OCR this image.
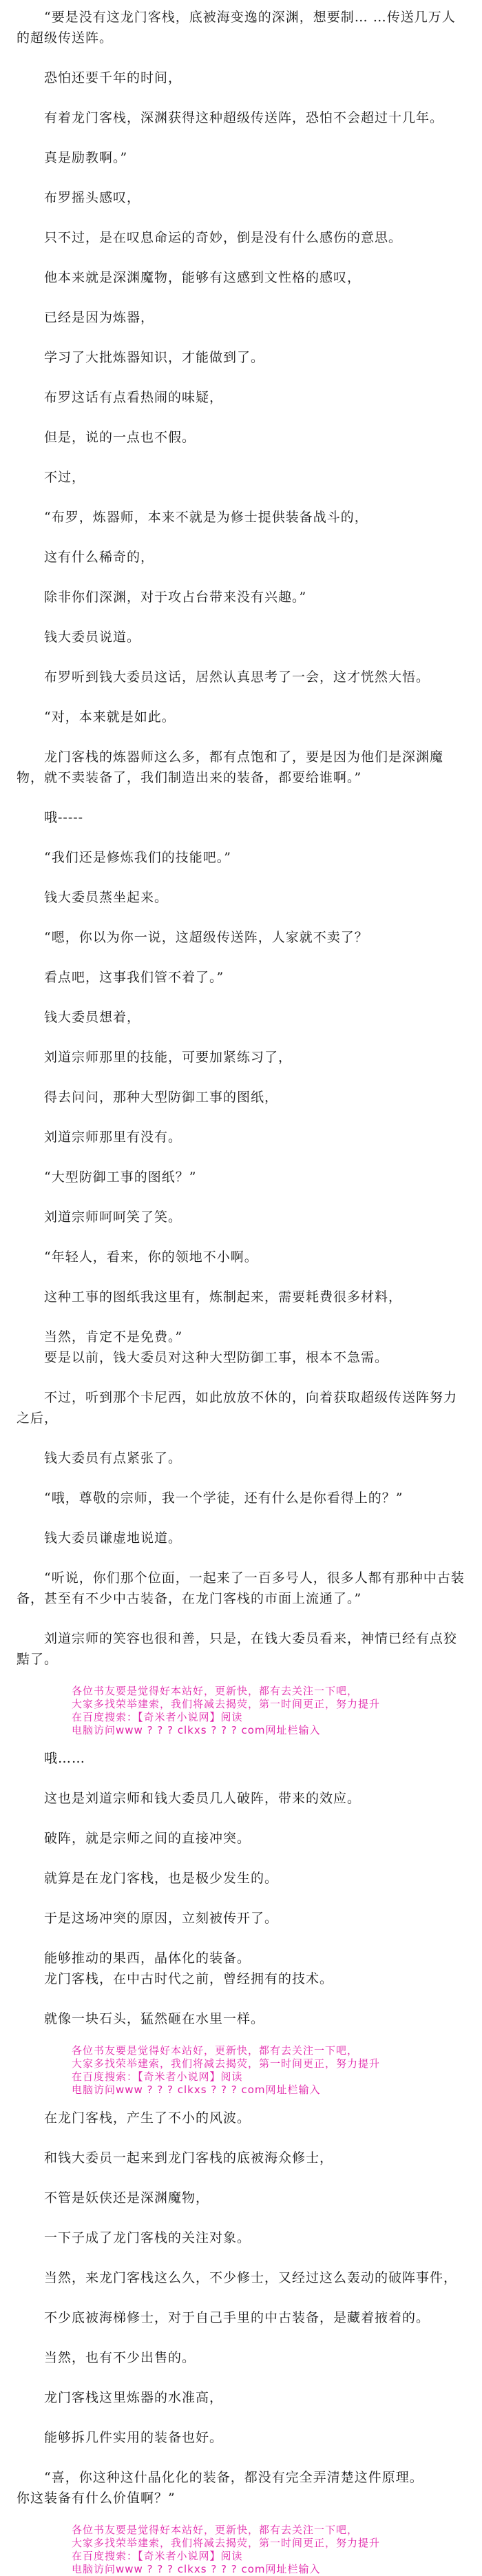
　　“要是没有这龙门客栈，底被海变逸的深渊，想要制… …传送几万人的超级传送阵。

　　恐怕还要千年的时间，

　　有着龙门客栈，深渊获得这种超级传送阵，恐怕不会超过十几年。

　　真是励教啊。”

　　布罗摇头感叹，

　　只不过，是在叹息命运的奇妙，倒是没有什么感伤的意思。

　　他本来就是深渊魔物，能够有这感到文性格的感叹，

　　已经是因为炼器，

　　学习了大批炼器知识，才能做到了。

　　布罗这话有点看热闹的味疑，

　　但是，说的一点也不假。

　　不过，

　　“布罗，炼器师，本来不就是为修士提供装备战斗的，

　　这有什么稀奇的，

　　除非你们深渊，对于攻占台带来没有兴趣。”

　　钱大委员说道。

　　布罗听到钱大委员这话，居然认真思考了一会，这才恍然大悟。

　　“对，本来就是如此。

　　龙门客栈的炼器师这么多，都有点饱和了，要是因为他们是深渊魔物，就不卖装备了，我们制造出来的装备，都要给谁啊。”

　　哦-----

　　“我们还是修炼我们的技能吧。”

　　钱大委员蒸坐起来。

　　“嗯，你以为你一说，这超级传送阵，人家就不卖了？

　　看点吧，这事我们管不着了。”

　　钱大委员想着，

　　刘道宗师那里的技能，可要加紧练习了，

　　得去问问，那种大型防御工事的图纸，

　　刘道宗师那里有没有。

　　“大型防御工事的图纸？”

　　刘道宗师呵呵笑了笑。

　　“年轻人，看来，你的领地不小啊。

　　这种工事的图纸我这里有，炼制起来，需要耗费很多材料，

　　当然，肯定不是免费。”
　　要是以前，钱大委员对这种大型防御工事，根本不急需。

　　不过，听到那个卡尼西，如此放放不休的，向着获取超级传送阵努力之后，

　　钱大委员有点紧张了。

　　“哦，尊敬的宗师，我一个学徒，还有什么是你看得上的？”

　　钱大委员谦虚地说道。

　　“听说，你们那个位面，一起来了一百多号人，很多人都有那种中古装备，甚至有不少中古装备，在龙门客栈的市面上流通了。”

　　刘道宗师的笑容也很和善，只是，在钱大委员看来，神情已经有点狡黠了。

各位书友要是觉得好本站好，更新快，都有去关注一下吧，
大家多找荣举建索，我们将减去揭荧，第一时间更正，努力提升
在百度搜索：【奇米者小说网】阅读
电脑访问www ? ? ? clkxs ? ? ? com网址栏输入

　　哦……

　　这也是刘道宗师和钱大委员几人破阵，带来的效应。

　　破阵，就是宗师之间的直接冲突。

　　就算是在龙门客栈，也是极少发生的。

　　于是这场冲突的原因，立刻被传开了。

　　能够推动的果西，晶体化的装备。
　　龙门客栈，在中古时代之前，曾经拥有的技术。

　　就像一块石头，猛然砸在水里一样。

各位书友要是觉得好本站好，更新快，都有去关注一下吧，
大家多找荣举建索，我们将减去揭荧，第一时间更正，努力提升
在百度搜索：【奇米者小说网】阅读
电脑访问www ? ? ? clkxs ? ? ? com网址栏输入

　　在龙门客栈，产生了不小的风波。

　　和钱大委员一起来到龙门客栈的底被海众修士，

　　不管是妖侠还是深渊魔物，

　　一下子成了龙门客栈的关注对象。

　　当然，来龙门客栈这么久，不少修士，又经过这么轰动的破阵事件，

　　不少底被海梯修士，对于自己手里的中古装备，是藏着掖着的。

　　当然，也有不少出售的。

　　龙门客栈这里炼器的水准高，

　　能够拆几件实用的装备也好。

　　“喜，你这种这什晶化化的装备，都没有完全弄清楚这件原理。
你这装备有什么价值啊？”

各位书友要是觉得好本站好，更新快，都有去关注一下吧，
大家多找荣举建索，我们将减去揭荧，第一时间更正，努力提升
在百度搜索：【奇米者小说网】阅读
电脑访问www ? ? ? clkxs ? ? ? com网址栏输入
